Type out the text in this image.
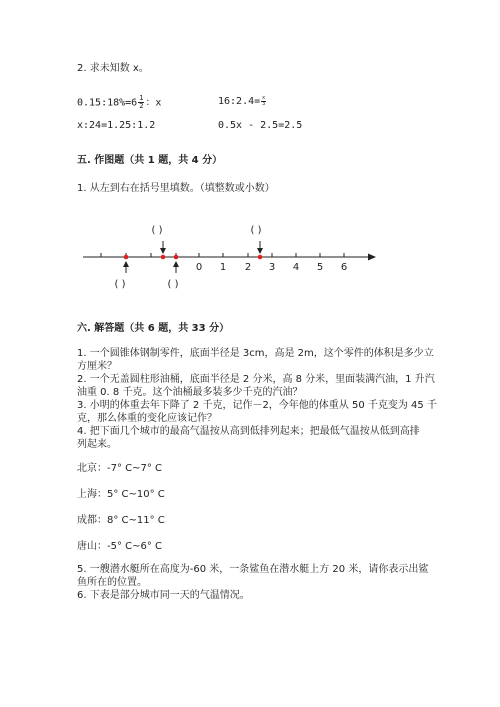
2. 求未知数 x。
0.15:18%=6 $\frac{1}{2}$ ：x	16:2.4= $\frac{x}{3}$
x:24=1.25:1.2	0.5x - 2.5=2.5
五. 作图题（共 1 题，共 4 分）
1. 从左到右在括号里填数。（填整数或小数）
0 1 2 3 4 5 6
( )	( )
( )	( )
六. 解答题（共 6 题，共 33 分）
1. 一个圆锥体钢制零件，底面半径是 3cm，高是 2m，这个零件的体积是多少立
方厘米？
2. 一个无盖圆柱形油桶，底面半径是 2 分米，高 8 分米，里面装满汽油，1 升汽
油重 0. 8 千克。这个油桶最多装多少千克的汽油？
3. 小明的体重去年下降了 2 千克，记作－2，今年他的体重从 50 千克变为 45 千
克，那么体重的变化应该记作？
4. 把下面几个城市的最高气温按从高到低排列起来；把最低气温按从低到高排
列起来。
北京：-7° C~7° C
上海：5° C~10° C
成都：8° C~11° C
唐山：-5° C~6° C
5. 一艘潜水艇所在高度为-60 米，一条鲨鱼在潜水艇上方 20 米，请你表示出鲨
鱼所在的位置。
6. 下表是部分城市同一天的气温情况。
